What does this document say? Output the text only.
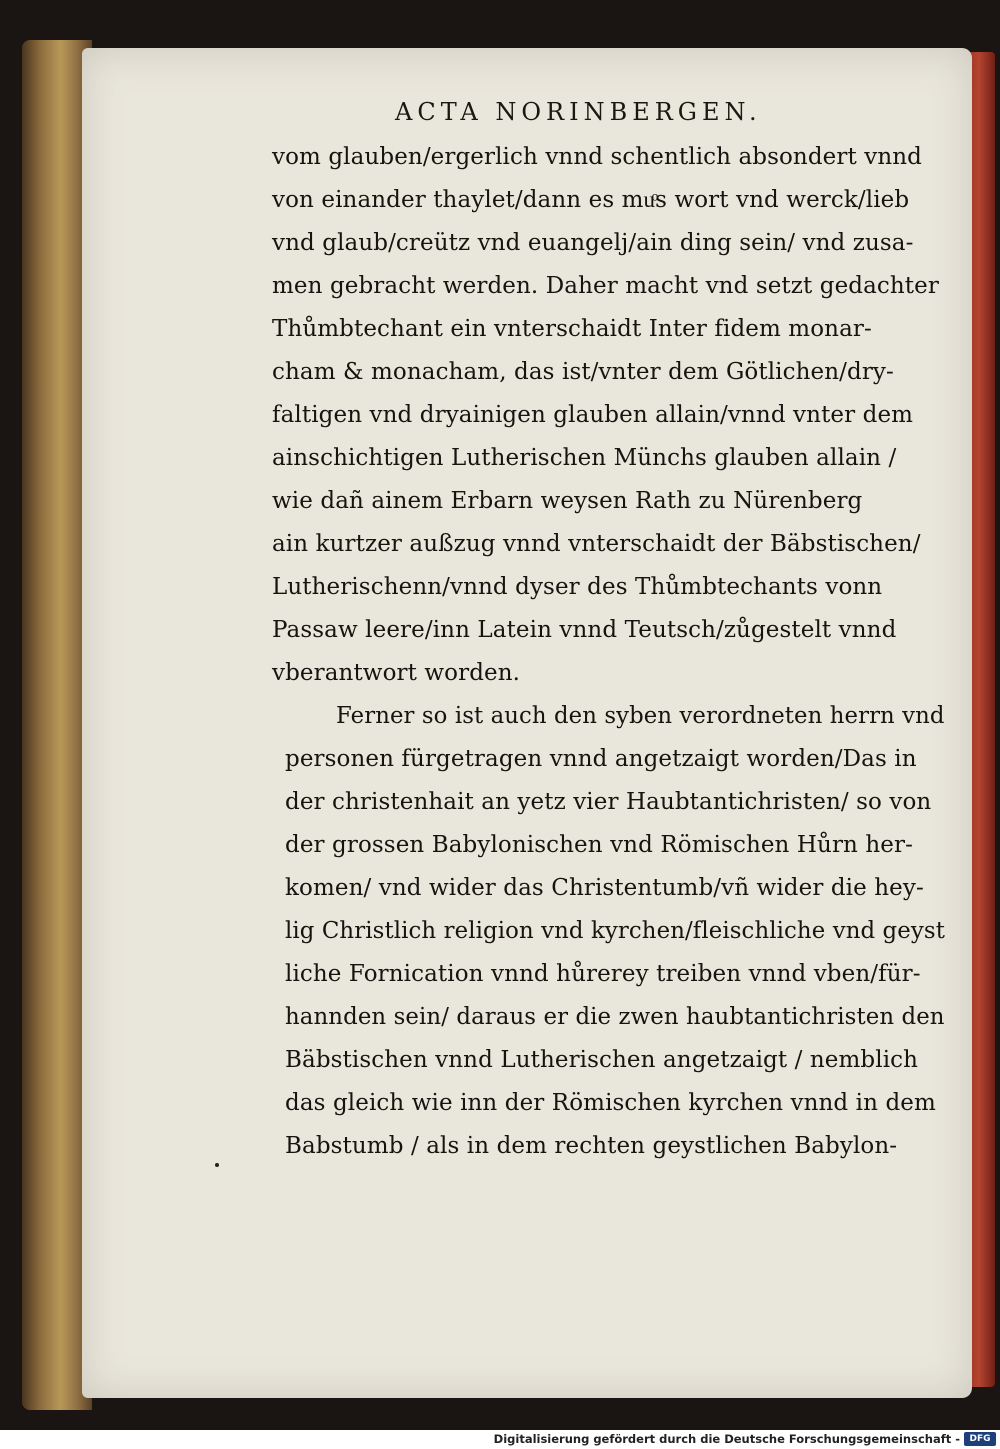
ACTA NORINBERGEN.
vom glauben/ergerlich vnnd schentlich absondert vnnd
von einander thaylet/dann es muͦs wort vnd werck/lieb
vnd glaub/creütz vnd euangelj/ain ding sein/ vnd zusa-
men gebracht werden. Daher macht vnd setzt gedachter
Thůmbtechant ein vnterschaidt Inter fidem monar-
cham & monacham, das ist/vnter dem Götlichen/dry-
faltigen vnd dryainigen glauben allain/vnnd vnter dem
ainschichtigen Lutherischen Münchs glauben allain /
wie dañ ainem Erbarn weysen Rath zu Nürenberg
ain kurtzer außzug vnnd vnterschaidt der Bäbstischen/
Lutherischenn/vnnd dyser des Thůmbtechants vonn
Passaw leere/inn Latein vnnd Teutsch/zůgestelt vnnd
vberantwort worden.
Ferner so ist auch den syben verordneten herrn vnd
personen fürgetragen vnnd angetzaigt worden/Das in
der christenhait an yetz vier Haubtantichristen/ so von
der grossen Babylonischen vnd Römischen Hůrn her-
komen/ vnd wider das Christentumb/vñ wider die hey-
lig Christlich religion vnd kyrchen/fleischliche vnd geyst
liche Fornication vnnd hůrerey treiben vnnd vben/für-
hannden sein/ daraus er die zwen haubtantichristen den
Bäbstischen vnnd Lutherischen angetzaigt / nemblich
das gleich wie inn der Römischen kyrchen vnnd in dem
Babstumb / als in dem rechten geystlichen Babylon-
Digitalisierung gefördert durch die Deutsche Forschungsgemeinschaft -	DFG
